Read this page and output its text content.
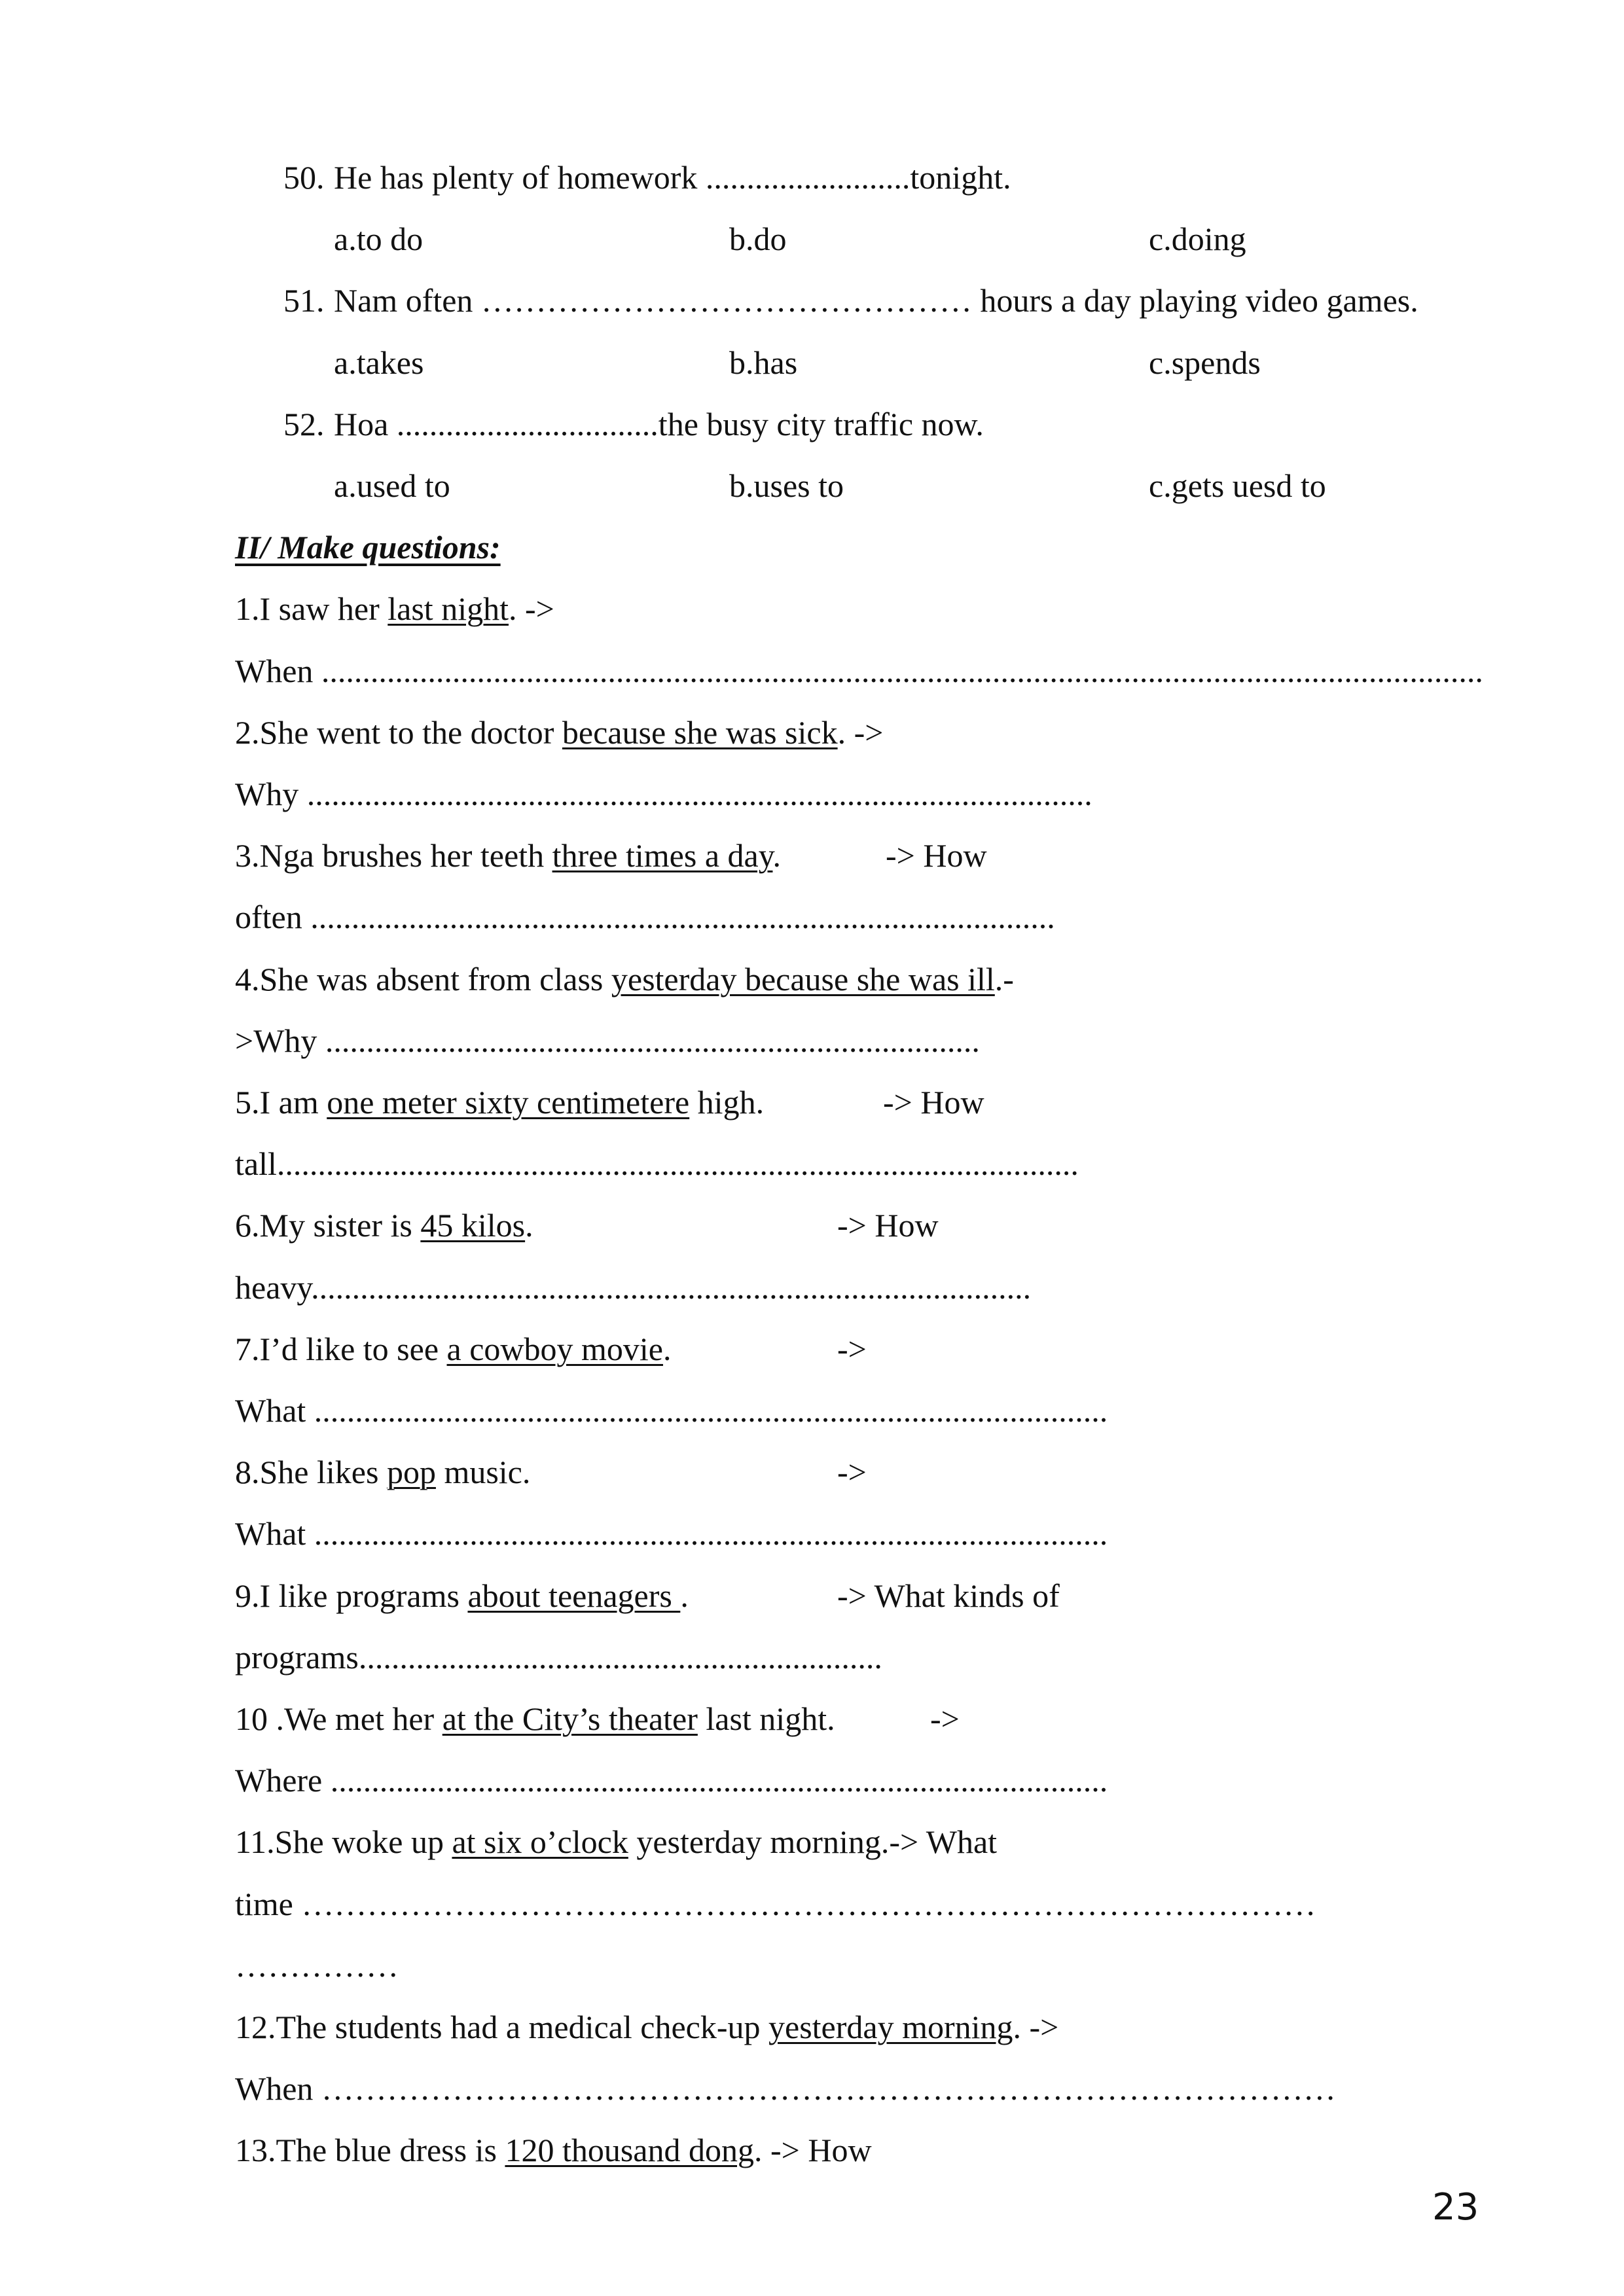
50. He has plenty of homework .........................tonight.
a.to do	b.do	c.doing
51. Nam often ……………………………………… hours a day playing video games.
a.takes	b.has	c.spends
52. Hoa ................................the busy city traffic now.
a.used to	b.uses to	c.gets uesd to
II/ Make questions:
1.I saw her last night. ->
When ..............................................................................................................................................
2.She went to the doctor because she was sick. ->
Why ................................................................................................
3.Nga brushes her teeth three times a day.	-> How
often ...........................................................................................
4.She was absent from class yesterday because she was ill.-
>Why ................................................................................
5.I am one meter sixty centimetere high.	-> How
tall..................................................................................................
6.My sister is 45 kilos.	-> How
heavy........................................................................................
7.I’d like to see a cowboy movie.	->
What .................................................................................................
8.She likes pop music.	->
What .................................................................................................
9.I like programs about teenagers .	-> What kinds of
programs................................................................
10 .We met her at the City’s theater last night.	->
Where ...............................................................................................
11.She woke up at six o’clock yesterday morning.-> What
time …………………………………………………………………………………
……………
12.The students had a medical check-up yesterday morning. ->
When …………………………………………………………………………………
13.The blue dress is 120 thousand dong. -> How
23
